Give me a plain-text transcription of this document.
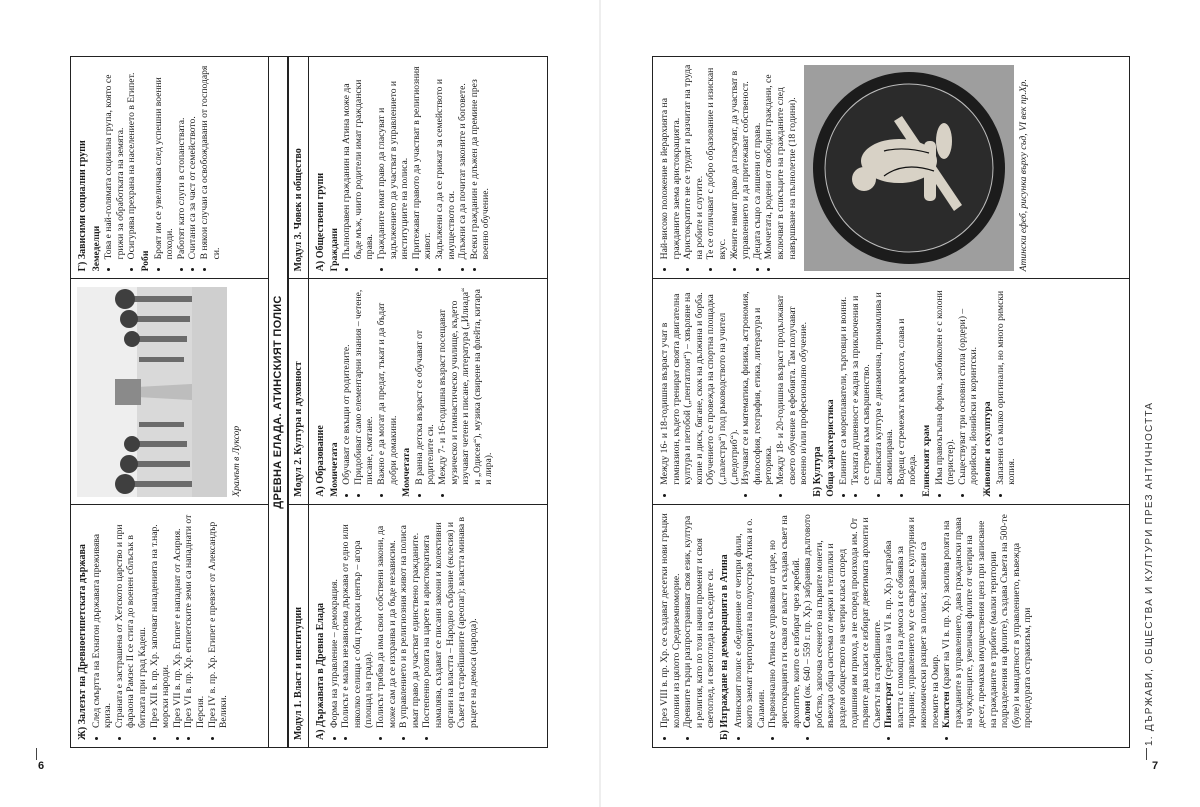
6
Ж) Залезът на Древноегипетската държава • След смъртта на Ехнатон държавата преживява криза. • Страната е застрашена от Хетското царство и при фараона Рамзес II се стига до военен сблъсък в битката при град Кадеш. • През XII в. пр. Хр. започват нападенията на т.нар. морски народи. • През VII в. пр. Хр. Египет е нападнат от Асирия. • През VI в. пр. Хр. египетските земи са нападнати от Персия. • През IV в. пр. Хр. Египет е превзет от Александър Велики.
Храмът в Луксор
Г) Зависими социални групи Земеделци • Това е най-голямата социална група, която се грижи за обработката на земята. • Осигурява прехрана на населението в Египет.
Роби
• Броят им се увеличава след успешни военни походи. • Работят като слуги в стопанствата. • Считани са за част от семейството. • В някои случаи са освобождавани от господаря си.
ДРЕВНА ЕЛАДА. АТИНСКИЯТ ПОЛИС
Модул 1. Власт и институции
Модул 2. Култура и духовност
Модул 3. Човек и общество
А) Държавата в Древна Елада • Форма на управление – демокрация. • Полисът е малка независима държава от едно или няколко селища с общ градски център – агора (площад на града). • Полисът трябва да има свои собствени закони, да може сам да се изхранва и да бъде независим. • В управлението и в религиозния живот на полиса имат право да участват единствено гражданите. • Постепенно ролята на царете и аристократията намалява, създават се писани закони и колективни органи на властта – Народно събрание (еклесия) и Съвет на старейшините (ареопаг); властта минава в ръцете на демоса (народа).
А) Образование Момичетата • Обучават се вкъщи от родителите. • Придобиват само елементарни знания – четене, писане, смятане. • Важно е да могат да предат, тъкат и да бъдат добри домакини. Момчетата • В ранна детска възраст се обучават от родителите си. • Между 7- и 16-годишна възраст посещават музическо и гимнастическо училище, където изучават четене и писане, литература („Илиада“ и „Одисея“), музика (свирене на флейта, китара и лира).
А) Обществени групи Граждани • Пълноправен гражданин на Атина може да бъде мъж, чиито родители имат граждански права. • Гражданите имат право да гласуват и задължението да участват в управлението и институциите на полиса. • Притежават правото да участват в религиозния живот. • Задължени са да се грижат за семейството и имуществото си. • Длъжни са да почитат законите и боговете. • Всеки гражданин е длъжен да премине през военно обучение.
7
1. ДЪРЖАВИ, ОБЩЕСТВА И КУЛТУРИ ПРЕЗ АНТИЧНОСТТА
• През VIII в. пр. Хр. се създават десетки нови гръцки колонии из цялото Средиземноморие. • Древните гърци разпространяват своя език, култура и религия, като по този начин променят и своя светоглед, и светогледа на съседите си. Б) Изграждане на демокрацията в Атина • Атинският полис е обединение от четири фили, които заемат територията на полуостров Атика и о. Саламин. • Първоначално Атина се управлява от царе, но аристокрацията ги сваля от власт и създава съвет на архонтите, които се избират чрез жребий. • Солон (ок. 640 – 559 г. пр. Хр.) забранява дълговото робство, започва сеченето на първите монети, въвежда обща система от мерки и теглилки и разделя обществото на четири класа според годишния им приход, а не според произхода им. От първите два класи се избират деветимата архонти и Съветът на старейшините. • Пизистрат (средата на VI в. пр. Хр.) заграбва властта с помощта на демоса и се обявява за тиранин; управлението му се свързва с културния и икономически разцвет за полиса; записани са поемите на Омир. • Клистен (краят на VI в. пр. Хр.) засилва ролята на гражданите в управлението, дава граждански права на чужденците, увеличава филите от четири на десет, премахва имуществения ценз при записване на гражданите в трибите (малки територии подразделения на филите), създава Съвета на 500-те (буле) и мандатност в управлението, въвежда процедурата остракизъм, при
• Между 16- и 18-годишна възраст учат в гимназион, където тренират своята двигателна култура и петобой („пентатлон“) – хвърляне на копие и диск, бягане, скок на дължина и борба. Обучението се провежда на спортна площадка („палестра“) под ръководството на учител („педотриб“). • Изучават се и математика, физика, астрономия, философия, география, етика, литература и реторика. • Между 18- и 20-годишна възраст продължават своето обучение в ефебията. Там получават военно и/или професионално обучение. Б) Култура Обща характеристика • Елините са мореплаватели, търговци и воини. • Тяхната душевност е жадна за приключения и се стреми към съвършенство. • Елинската култура е динамична, примамлива и асимилирана. • Водещ е стремежът към красота, слава и победа. Елинският храм • Има правоъгълна форма, заобиколен е с колони (перистер). • Съществуват три основни стила (ордери) – дорийски, йонийски и коринтски. Живопис и скулптура • Запазени са малко оригинали, но много римски копия.
• Най-високо положение в йерархията на гражданите заема аристокрацията. • Аристократите не се трудят и разчитат на труда на робите и слугите. • Те се отличават с добро образование и изискан вкус. • Жените нямат право да гласуват, да участват в управлението и да притежават собственост. • Децата също са лишени от права. • Момчетата, родени от свободни граждани, се включват в списъците на гражданите след навършване на пълнолетие (18 години).	Атински ефеб, рисунка върху съд, VI век пр.Хр.
